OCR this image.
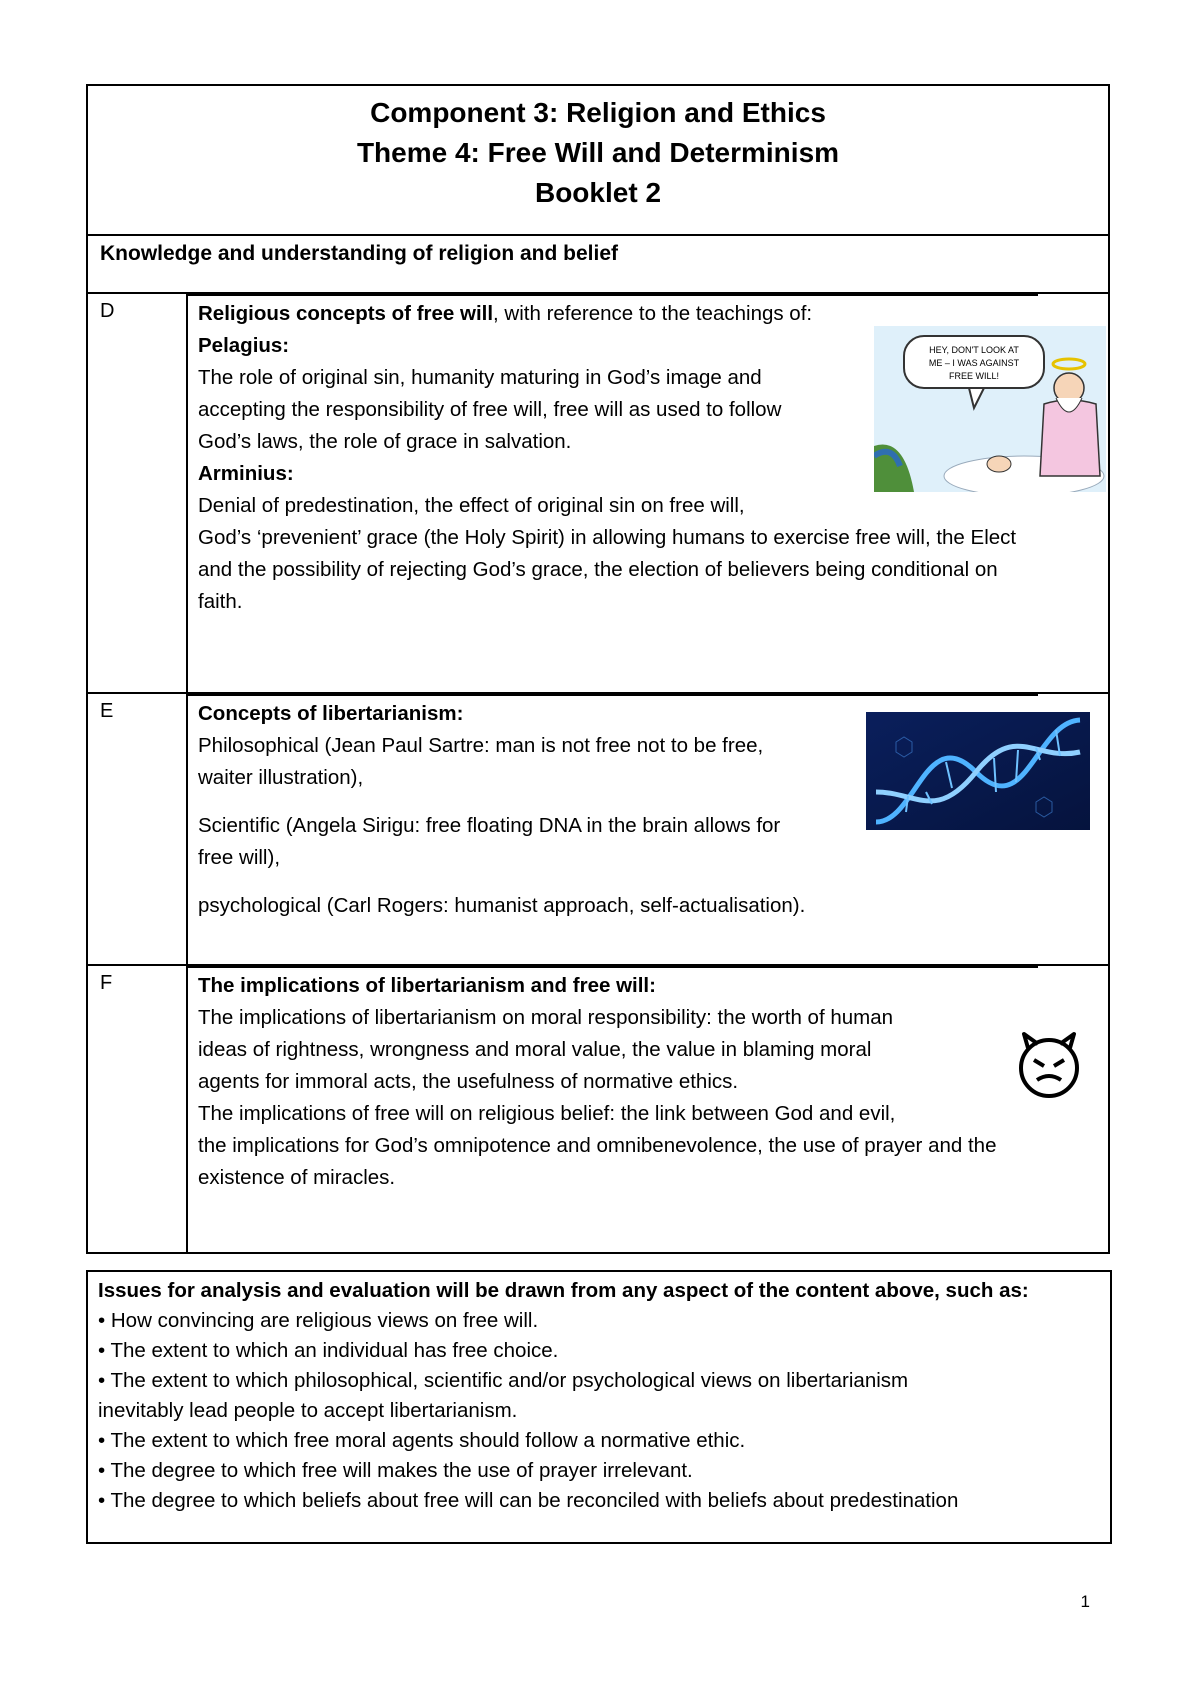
Component 3: Religion and Ethics
Theme 4: Free Will and Determinism
Booklet 2
Knowledge and understanding of religion and belief
D	Religious concepts of free will, with reference to the teachings of:
Pelagius:
The role of original sin, humanity maturing in God’s image and
accepting the responsibility of free will, free will as used to follow
God’s laws, the role of grace in salvation.
Arminius:
Denial of predestination, the effect of original sin on free will,
God’s ‘prevenient’ grace (the Holy Spirit) in allowing humans to exercise free will, the Elect
and the possibility of rejecting God’s grace, the election of believers being conditional on
faith.
HEY, DON'T LOOK AT
ME – I WAS AGAINST
FREE WILL!
E	Concepts of libertarianism:
Philosophical (Jean Paul Sartre: man is not free not to be free,
waiter illustration),
Scientific (Angela Sirigu: free floating DNA in the brain allows for
free will),
psychological (Carl Rogers: humanist approach, self-actualisation).
F	The implications of libertarianism and free will:
The implications of libertarianism on moral responsibility: the worth of human
ideas of rightness, wrongness and moral value, the value in blaming moral
agents for immoral acts, the usefulness of normative ethics.
The implications of free will on religious belief: the link between God and evil,
the implications for God’s omnipotence and omnibenevolence, the use of prayer and the
existence of miracles.
Issues for analysis and evaluation will be drawn from any aspect of the content above, such as:
• How convincing are religious views on free will.
• The extent to which an individual has free choice.
• The extent to which philosophical, scientific and/or psychological views on libertarianism
inevitably lead people to accept libertarianism.
• The extent to which free moral agents should follow a normative ethic.
• The degree to which free will makes the use of prayer irrelevant.
• The degree to which beliefs about free will can be reconciled with beliefs about predestination
1
